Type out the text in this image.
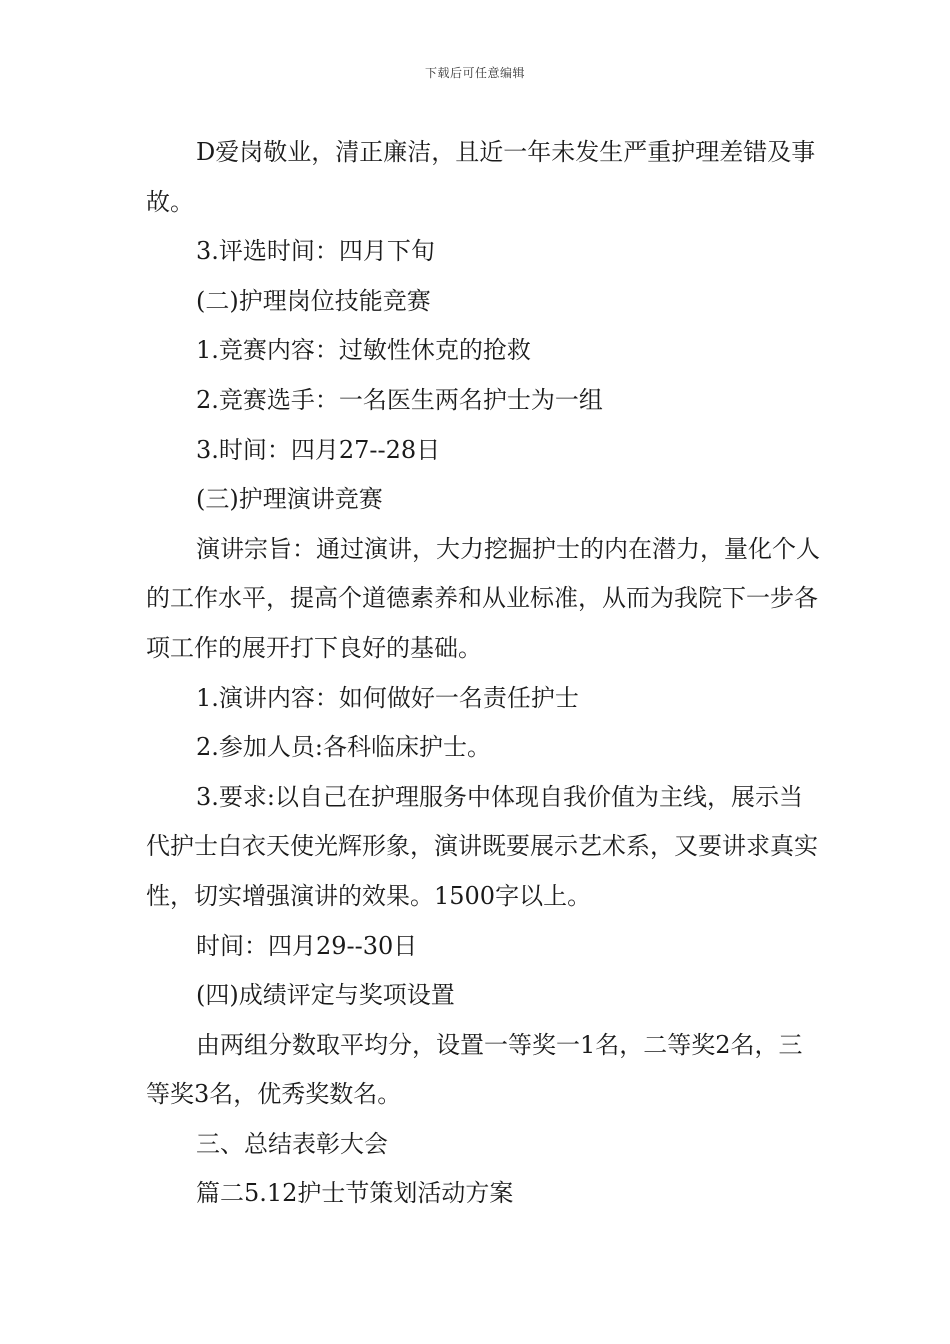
下载后可任意编辑

D爱岗敬业，清正廉洁，且近一年未发生严重护理差错及事故。

3.评选时间：四月下旬

(二)护理岗位技能竞赛

1.竞赛内容：过敏性休克的抢救

2.竞赛选手：一名医生两名护士为一组

3.时间：四月27--28日

(三)护理演讲竞赛

演讲宗旨：通过演讲，大力挖掘护士的内在潜力，量化个人的工作水平，提高个道德素养和从业标准，从而为我院下一步各项工作的展开打下良好的基础。

1.演讲内容：如何做好一名责任护士

2.参加人员:各科临床护士。

3.要求:以自己在护理服务中体现自我价值为主线，展示当代护士白衣天使光辉形象，演讲既要展示艺术系，又要讲求真实性，切实增强演讲的效果。1500字以上。

时间：四月29--30日

(四)成绩评定与奖项设置

由两组分数取平均分，设置一等奖一1名，二等奖2名，三等奖3名，优秀奖数名。

三、总结表彰大会

篇二5.12护士节策划活动方案
